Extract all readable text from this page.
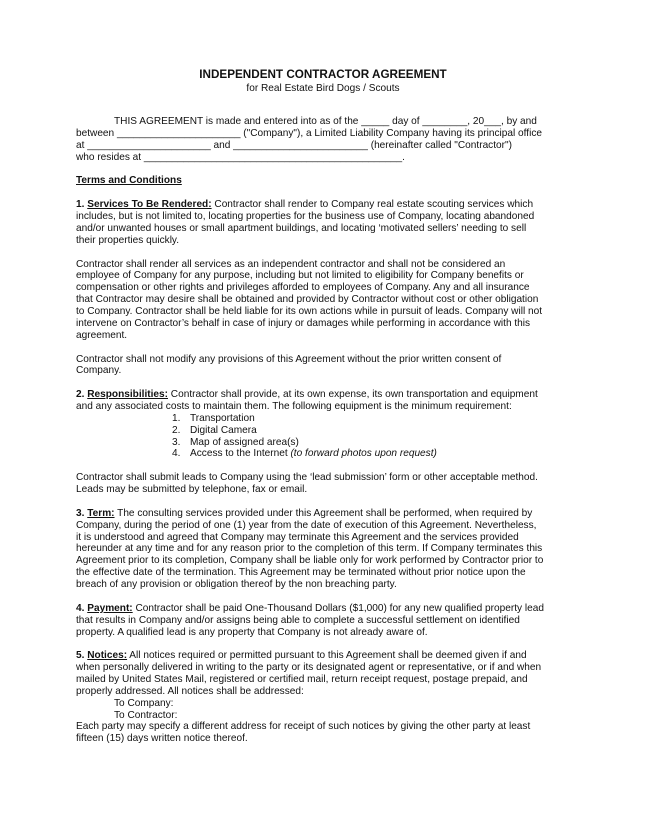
INDEPENDENT CONTRACTOR AGREEMENT

for Real Estate Bird Dogs / Scouts

THIS AGREEMENT is made and entered into as of the _____ day of ________, 20___, by and
between ______________________ ("Company"), a Limited Liability Company having its principal office
at ______________________ and ________________________ (hereinafter called "Contractor")
who resides at ______________________________________________.

Terms and Conditions

1. Services To Be Rendered: Contractor shall render to Company real estate scouting services which
includes, but is not limited to, locating properties for the business use of Company, locating abandoned
and/or unwanted houses or small apartment buildings, and locating ‘motivated sellers’ needing to sell
their properties quickly.
Contractor shall render all services as an independent contractor and shall not be considered an
employee of Company for any purpose, including but not limited to eligibility for Company benefits or
compensation or other rights and privileges afforded to employees of Company. Any and all insurance
that Contractor may desire shall be obtained and provided by Contractor without cost or other obligation
to Company. Contractor shall be held liable for its own actions while in pursuit of leads. Company will not
intervene on Contractor’s behalf in case of injury or damages while performing in accordance with this
agreement.
Contractor shall not modify any provisions of this Agreement without the prior written consent of
Company.
2. Responsibilities: Contractor shall provide, at its own expense, its own transportation and equipment
and any associated costs to maintain them. The following equipment is the minimum requirement:
1. Transportation
2. Digital Camera
3. Map of assigned area(s)
4. Access to the Internet (to forward photos upon request)
Contractor shall submit leads to Company using the ‘lead submission’ form or other acceptable method.
Leads may be submitted by telephone, fax or email.
3. Term: The consulting services provided under this Agreement shall be performed, when required by
Company, during the period of one (1) year from the date of execution of this Agreement. Nevertheless,
it is understood and agreed that Company may terminate this Agreement and the services provided
hereunder at any time and for any reason prior to the completion of this term. If Company terminates this
Agreement prior to its completion, Company shall be liable only for work performed by Contractor prior to
the effective date of the termination. This Agreement may be terminated without prior notice upon the
breach of any provision or obligation thereof by the non breaching party.
4. Payment: Contractor shall be paid One-Thousand Dollars ($1,000) for any new qualified property lead
that results in Company and/or assigns being able to complete a successful settlement on identified
property. A qualified lead is any property that Company is not already aware of.
5. Notices: All notices required or permitted pursuant to this Agreement shall be deemed given if and
when personally delivered in writing to the party or its designated agent or representative, or if and when
mailed by United States Mail, registered or certified mail, return receipt request, postage prepaid, and
properly addressed. All notices shall be addressed:
To Company:
To Contractor:
Each party may specify a different address for receipt of such notices by giving the other party at least
fifteen (15) days written notice thereof.
